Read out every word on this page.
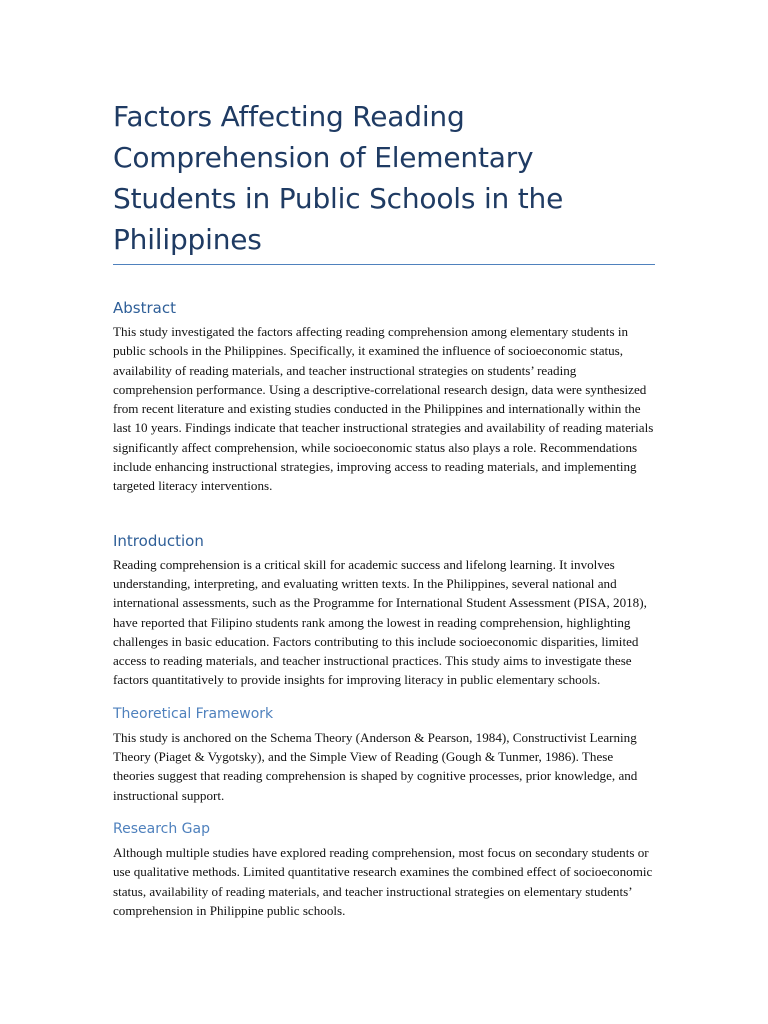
Factors Affecting Reading Comprehension of Elementary Students in Public Schools in the Philippines
Abstract

This study investigated the factors affecting reading comprehension among elementary students in public schools in the Philippines. Specifically, it examined the influence of socioeconomic status, availability of reading materials, and teacher instructional strategies on students’ reading comprehension performance. Using a descriptive-correlational research design, data were synthesized from recent literature and existing studies conducted in the Philippines and internationally within the last 10 years. Findings indicate that teacher instructional strategies and availability of reading materials significantly affect comprehension, while socioeconomic status also plays a role. Recommendations include enhancing instructional strategies, improving access to reading materials, and implementing targeted literacy interventions.

Introduction

Reading comprehension is a critical skill for academic success and lifelong learning. It involves understanding, interpreting, and evaluating written texts. In the Philippines, several national and international assessments, such as the Programme for International Student Assessment (PISA, 2018), have reported that Filipino students rank among the lowest in reading comprehension, highlighting challenges in basic education. Factors contributing to this include socioeconomic disparities, limited access to reading materials, and teacher instructional practices. This study aims to investigate these factors quantitatively to provide insights for improving literacy in public elementary schools.

Theoretical Framework

This study is anchored on the Schema Theory (Anderson & Pearson, 1984), Constructivist Learning Theory (Piaget & Vygotsky), and the Simple View of Reading (Gough & Tunmer, 1986). These theories suggest that reading comprehension is shaped by cognitive processes, prior knowledge, and instructional support.

Research Gap

Although multiple studies have explored reading comprehension, most focus on secondary students or use qualitative methods. Limited quantitative research examines the combined effect of socioeconomic status, availability of reading materials, and teacher instructional strategies on elementary students’ comprehension in Philippine public schools.
